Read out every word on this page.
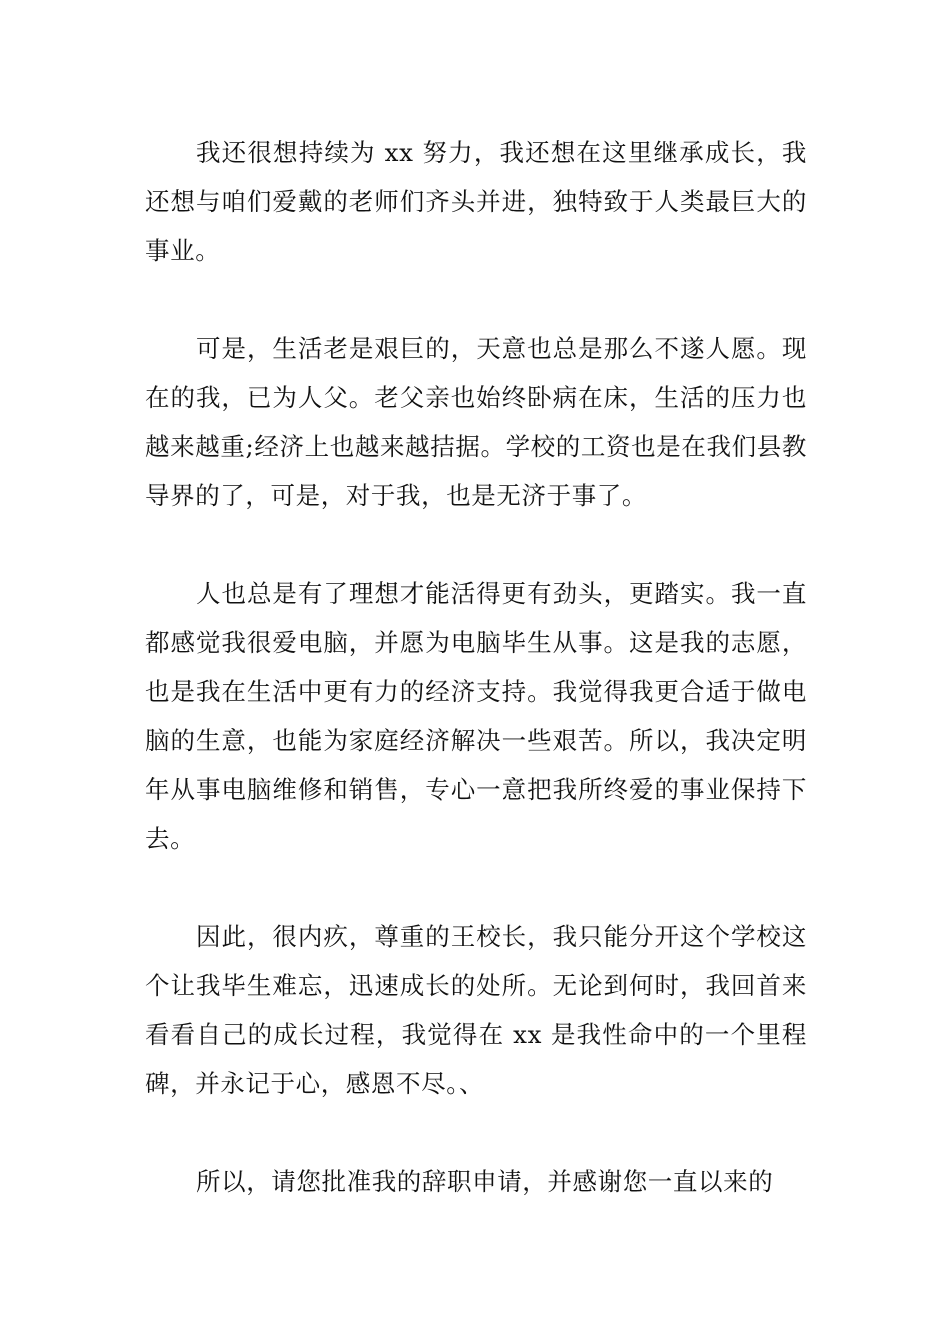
我还很想持续为 xx 努力，我还想在这里继承成长，我还想与咱们爱戴的老师们齐头并进，独特致于人类最巨大的事业。

可是，生活老是艰巨的，天意也总是那么不遂人愿。现在的我，已为人父。老父亲也始终卧病在床，生活的压力也越来越重;经济上也越来越拮据。学校的工资也是在我们县教导界的了，可是，对于我，也是无济于事了。

人也总是有了理想才能活得更有劲头，更踏实。我一直都感觉我很爱电脑，并愿为电脑毕生从事。这是我的志愿，也是我在生活中更有力的经济支持。我觉得我更合适于做电脑的生意，也能为家庭经济解决一些艰苦。所以，我决定明年从事电脑维修和销售，专心一意把我所终爱的事业保持下去。

因此，很内疚，尊重的王校长，我只能分开这个学校这个让我毕生难忘，迅速成长的处所。无论到何时，我回首来看看自己的成长过程，我觉得在 xx 是我性命中的一个里程碑，并永记于心，感恩不尽。、

所以，请您批准我的辞职申请，并感谢您一直以来的
